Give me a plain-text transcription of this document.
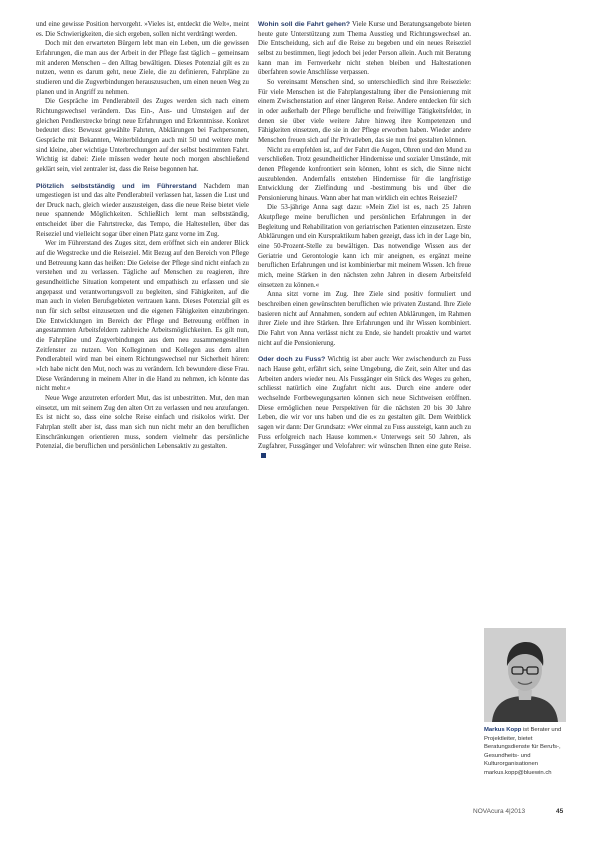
und eine gewisse Position hervorgeht. »Vieles ist, entdeckt die Welt«, meint es. Die Schwierigkeiten, die sich ergeben, sollen nicht verdrängt werden.

Doch mit den erwarteten Bürgern lebt man ein Leben, um die gewissen Erfahrungen, die man aus der Arbeit in der Pflege fast täglich – gemeinsam mit anderen Menschen – den Alltag bewältigen. Dieses Potenzial gilt es zu nutzen, wenn es darum geht, neue Ziele, die zu definieren, Fahrpläne zu studieren und die Zugverbindungen herauszusuchen, um einen neuen Weg zu planen und in Angriff zu nehmen.

Die Gespräche im Pendlerabteil des Zuges werden sich nach einem Richtungswechsel verändern. Das Ein-, Aus- und Umsteigen auf der gleichen Pendlerstrecke bringt neue Erfahrungen und Erkenntnisse. Konkret bedeutet dies: Bewusst gewählte Fahrten, Abklärungen bei Fachpersonen, Gespräche mit Bekannten, Weiterbildungen auch mit 50 und weitere mehr sind kleine, aber wichtige Unterbrechungen auf der selbst bestimmten Fahrt. Wichtig ist dabei: Ziele müssen weder heute noch morgen abschließend geklärt sein, viel zentraler ist, dass die Reise begonnen hat.

Plötzlich selbstständig und im Führerstand Nachdem man umgestiegen ist und das alte Pendlerabteil verlassen hat, lassen die Lust und der Druck nach, gleich wieder auszusteigen, dass die neue Reise bietet viele neue spannende Möglichkeiten. Schließlich lernt man selbstständig, entscheidet über die Fahrtstrecke, das Tempo, die Haltestellen, über das Reiseziel und vielleicht sogar über einen Platz ganz vorne im Zug.

Wer im Führerstand des Zuges sitzt, dem eröffnet sich ein anderer Blick auf die Wegstrecke und die Reiseziel. Mit Bezug auf den Bereich von Pflege und Betreuung kann das heißen: Die Geleise der Pflege sind nicht einfach zu verstehen und zu verlassen. Tägliche auf Menschen zu reagieren, ihre gesundheitliche Situation kompetent und empathisch zu erfassen und sie angepasst und verantwortungsvoll zu begleiten, sind Fähigkeiten, auf die man auch in vielen Berufsgebieten vertrauen kann. Dieses Potenzial gilt es nun für sich selbst einzusetzen und die eigenen Fähigkeiten einzubringen. Die Entwicklungen im Bereich der Pflege und Betreuung eröffnen in angestammten Arbeitsfeldern zahlreiche Arbeitsmöglichkeiten. Es gilt nun, die Fahrpläne und Zugverbindungen aus dem neu zusammengestellten Zeitfenster zu nutzen. Von Kolleginnen und Kollegen aus dem alten Pendlerabteil wird man bei einem Richtungswechsel nur Sicherheit hören: »Ich habe nicht den Mut, noch was zu verändern. Ich bewundere diese Frau. Diese Veränderung in meinem Alter in die Hand zu nehmen, ich könnte das nicht mehr.«

Neue Wege anzutreten erfordert Mut, das ist unbestritten. Mut, den man einsetzt, um mit seinem Zug den alten Ort zu verlassen und neu anzufangen. Es ist nicht so, dass eine solche Reise einfach und risikolos wirkt. Der Fahrplan stellt aber ist, dass man sich nun nicht mehr an den beruflichen Einschränkungen orientieren muss, sondern vielmehr das persönliche Potenzial, die beruflichen und persönlichen Lebensaktiv zu gestalten.

Wohin soll die Fahrt gehen? Viele Kurse und Beratungsangebote bieten heute gute Unterstützung zum Thema Ausstieg und Richtungswechsel an. Die Entscheidung, sich auf die Reise zu begeben und ein neues Reiseziel selbst zu bestimmen, liegt jedoch bei jeder Person allein. Auch mit Beratung kann man im Fernverkehr nicht stehen bleiben und Haltestationen überfahren sowie Anschlüsse verpassen.

So vereinsamt Menschen sind, so unterschiedlich sind ihre Reiseziele: Für viele Menschen ist die Fahrplangestaltung über die Pensionierung mit einem Zwischenstation auf einer längeren Reise. Andere entdecken für sich in oder außerhalb der Pflege berufliche und freiwillige Tätigkeitsfelder, in denen sie über viele weitere Jahre hinweg ihre Kompetenzen und Fähigkeiten einsetzen, die sie in der Pflege erworben haben. Wieder andere Menschen freuen sich auf ihr Privatleben, das sie nun frei gestalten können.

Nicht zu empfehlen ist, auf der Fahrt die Augen, Ohren und den Mund zu verschließen. Trotz gesundheitlicher Hindernisse und sozialer Umstände, mit denen Pflegende konfrontiert sein können, lohnt es sich, die Sinne nicht auszublenden. Andernfalls entstehen Hindernisse für die langfristige Entwicklung der Zielfindung und -bestimmung bis und über die Pensionierung hinaus. Wann aber hat man wirklich ein echtes Reiseziel?

Die 53-jährige Anna sagt dazu: »Mein Ziel ist es, nach 25 Jahren Akutpflege meine beruflichen und persönlichen Erfahrungen in der Begleitung und Rehabilitation von geriatrischen Patienten einzusetzen. Erste Abklärungen und ein Kurspraktikum haben gezeigt, dass ich in der Lage bin, eine 50-Prozent-Stelle zu bewältigen. Das notwendige Wissen aus der Geriatrie und Gerontologie kann ich mir aneignen, es ergänzt meine beruflichen Erfahrungen und ist kombinierbar mit meinem Wissen. Ich freue mich, meine Stärken in den nächsten zehn Jahren in diesem Arbeitsfeld einsetzen zu können.«

Anna sitzt vorne im Zug. Ihre Ziele sind positiv formuliert und beschreiben einen gewünschten beruflichen wie privaten Zustand. Ihre Ziele basieren nicht auf Annahmen, sondern auf echten Abklärungen, im Rahmen ihrer Ziele und ihre Stärken. Ihre Erfahrungen und ihr Wissen kombiniert. Die Fahrt von Anna verlässt nicht zu Ende, sie handelt proaktiv und wartet nicht auf die Pensionierung.

Oder doch zu Fuss? Wichtig ist aber auch: Wer zwischendurch zu Fuss nach Hause geht, erfährt sich, seine Umgebung, die Zeit, sein Alter und das Arbeiten anders wieder neu. Als Fussgänger ein Stück des Weges zu gehen, schliesst natürlich eine Zugfahrt nicht aus. Durch eine andere oder wechselnde Fortbewegungsarten können sich neue Sichtweisen eröffnen. Diese ermöglichen neue Perspektiven für die nächsten 20 bis 30 Jahre Leben, die wir vor uns haben und die es zu gestalten gilt. Dem Weitblick sagen wir dann: Der Grundsatz: »Wer einmal zu Fuss aussteigt, kann auch zu Fuss erfolgreich nach Hause kommen.« Unterwegs seit 50 Jahren, als Zugfahrer, Fussgänger und Velofahrer: wir wünschen Ihnen eine gute Reise.

Markus Kopp ist Berater und Projektleiter, bietet Beratungsdienste für Berufs-, Gesundheits- und Kulturorganisationen
markus.kopp@bluewin.ch
NOVAcura 4|2013	45
